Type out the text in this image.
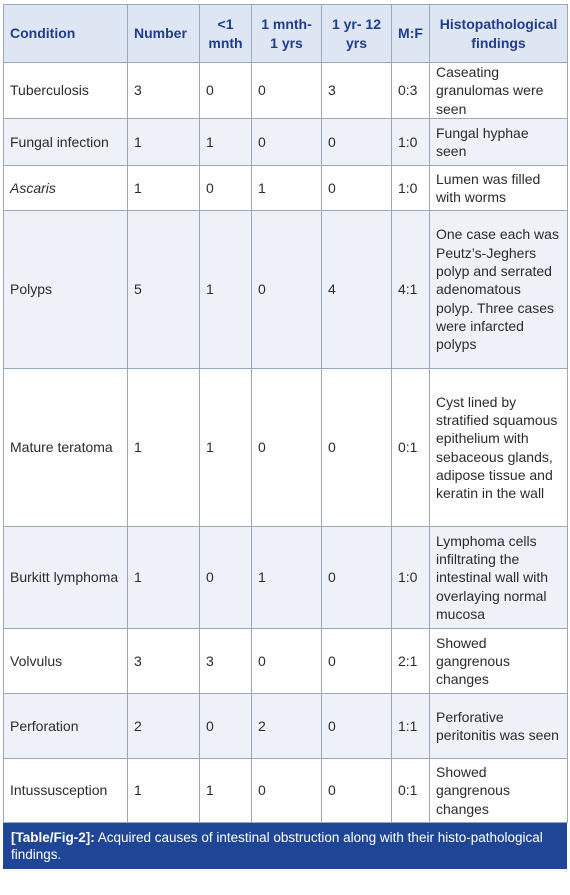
Condition	Number	<1 mnth	1 mnth- 1 yrs	1 yr- 12 yrs	M:F	Histopathological findings
Tuberculosis	3	0	0	3	0:3	Caseating granulomas were seen
Fungal infection	1	1	0	0	1:0	Fungal hyphae seen
Ascaris	1	0	1	0	1:0	Lumen was filled with worms
Polyps	5	1	0	4	4:1	One case each was Peutz’s-Jeghers polyp and serrated adenomatous polyp. Three cases were infarcted polyps
Mature teratoma	1	1	0	0	0:1	Cyst lined by stratified squamous epithelium with sebaceous glands, adipose tissue and keratin in the wall
Burkitt lymphoma	1	0	1	0	1:0	Lymphoma cells infiltrating the intestinal wall with overlaying normal mucosa
Volvulus	3	3	0	0	2:1	Showed gangrenous changes
Perforation	2	0	2	0	1:1	Perforative peritonitis was seen
Intussusception	1	1	0	0	0:1	Showed gangrenous changes
[Table/Fig-2]: Acquired causes of intestinal obstruction along with their histo-pathological findings.
